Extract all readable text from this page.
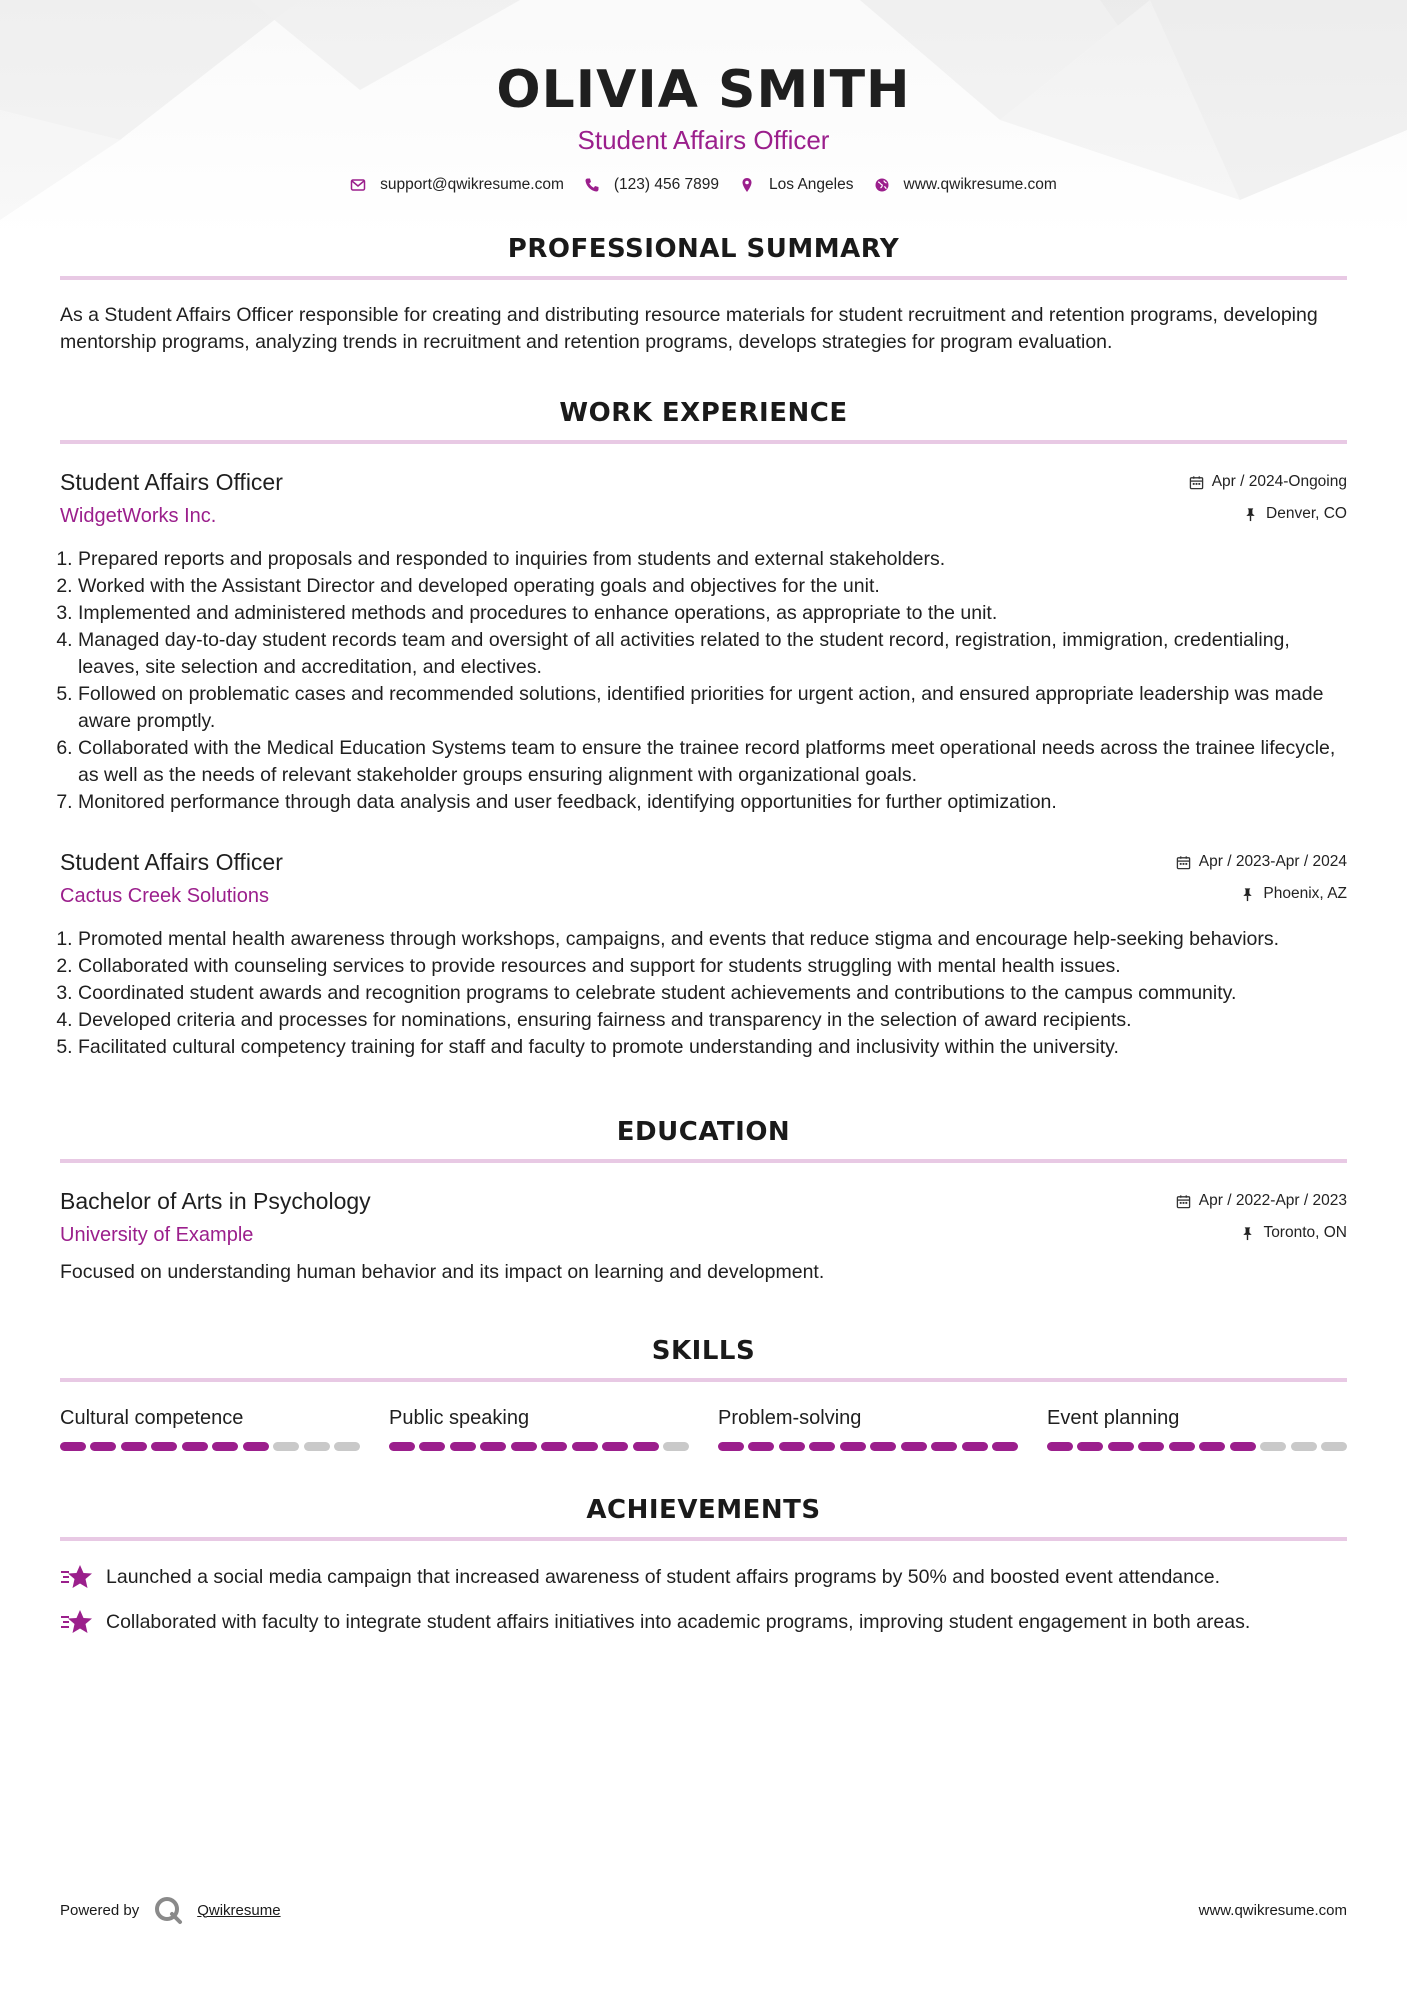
OLIVIA SMITH
Student Affairs Officer
support@qwikresume.com	(123) 456 7899	Los Angeles	www.qwikresume.com
PROFESSIONAL SUMMARY
As a Student Affairs Officer responsible for creating and distributing resource materials for student recruitment and retention programs, developing mentorship programs, analyzing trends in recruitment and retention programs, develops strategies for program evaluation.
WORK EXPERIENCE
Student Affairs Officer
WidgetWorks Inc.
Apr / 2024-Ongoing
Denver, CO
1. Prepared reports and proposals and responded to inquiries from students and external stakeholders.
2. Worked with the Assistant Director and developed operating goals and objectives for the unit.
3. Implemented and administered methods and procedures to enhance operations, as appropriate to the unit.
4. Managed day-to-day student records team and oversight of all activities related to the student record, registration, immigration, credentialing, leaves, site selection and accreditation, and electives.
5. Followed on problematic cases and recommended solutions, identified priorities for urgent action, and ensured appropriate leadership was made aware promptly.
6. Collaborated with the Medical Education Systems team to ensure the trainee record platforms meet operational needs across the trainee lifecycle, as well as the needs of relevant stakeholder groups ensuring alignment with organizational goals.
7. Monitored performance through data analysis and user feedback, identifying opportunities for further optimization.
Student Affairs Officer
Cactus Creek Solutions
Apr / 2023-Apr / 2024
Phoenix, AZ
1. Promoted mental health awareness through workshops, campaigns, and events that reduce stigma and encourage help-seeking behaviors.
2. Collaborated with counseling services to provide resources and support for students struggling with mental health issues.
3. Coordinated student awards and recognition programs to celebrate student achievements and contributions to the campus community.
4. Developed criteria and processes for nominations, ensuring fairness and transparency in the selection of award recipients.
5. Facilitated cultural competency training for staff and faculty to promote understanding and inclusivity within the university.
EDUCATION
Bachelor of Arts in Psychology
University of Example
Apr / 2022-Apr / 2023
Toronto, ON
Focused on understanding human behavior and its impact on learning and development.
SKILLS
Cultural competence	Public speaking	Problem-solving	Event planning
ACHIEVEMENTS
Launched a social media campaign that increased awareness of student affairs programs by 50% and boosted event attendance.
Collaborated with faculty to integrate student affairs initiatives into academic programs, improving student engagement in both areas.
Powered by	Qwikresume	www.qwikresume.com
